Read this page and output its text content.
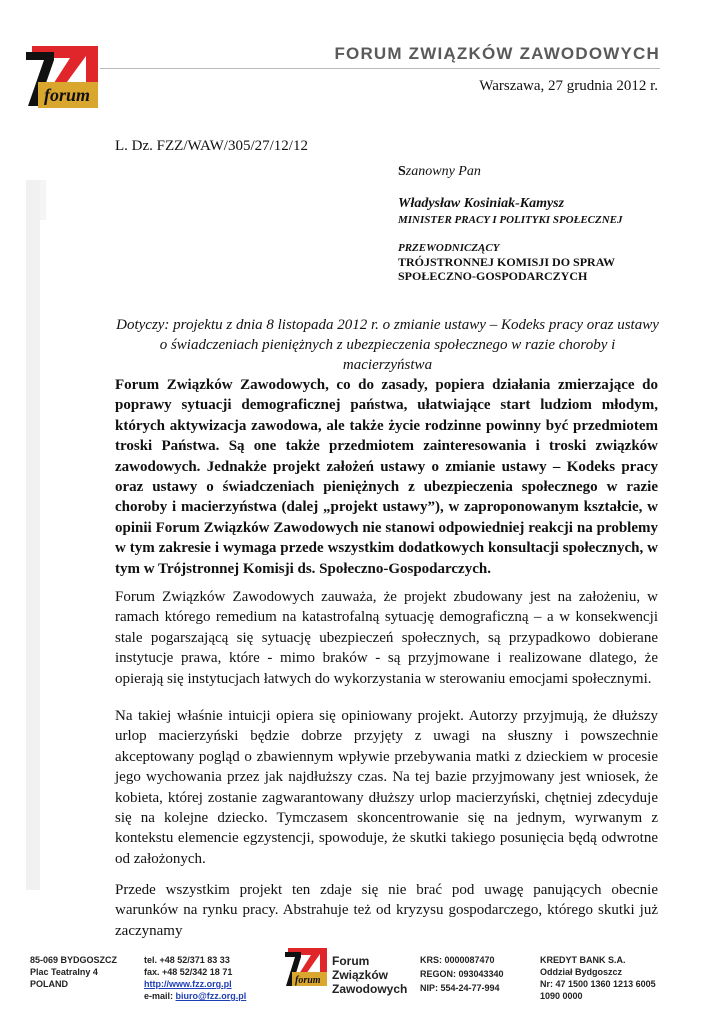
forum
FORUM ZWIĄZKÓW ZAWODOWYCH
Warszawa, 27 grudnia 2012 r.
L. Dz. FZZ/WAW/305/27/12/12
Szanowny Pan
Władysław Kosiniak-Kamysz
MINISTER PRACY I POLITYKI SPOŁECZNEJ
PRZEWODNICZĄCY
TRÓJSTRONNEJ KOMISJI DO SPRAW
SPOŁECZNO-GOSPODARCZYCH
Dotyczy: projektu z dnia 8 listopada 2012 r. o zmianie ustawy – Kodeks pracy oraz ustawy
o świadczeniach pieniężnych z ubezpieczenia społecznego w razie choroby i macierzyństwa

Forum Związków Zawodowych, co do zasady, popiera działania zmierzające do poprawy sytuacji demograficznej państwa, ułatwiające start ludziom młodym, których aktywizacja zawodowa, ale także życie rodzinne powinny być przedmiotem troski Państwa. Są one także przedmiotem zainteresowania i troski związków zawodowych. Jednakże projekt założeń ustawy o zmianie ustawy – Kodeks pracy oraz ustawy o świadczeniach pieniężnych z ubezpieczenia społecznego w razie choroby i macierzyństwa (dalej „projekt ustawy”), w zaproponowanym kształcie, w opinii Forum Związków Zawodowych nie stanowi odpowiedniej reakcji na problemy w tym zakresie i wymaga przede wszystkim dodatkowych konsultacji społecznych, w tym w Trójstronnej Komisji ds. Społeczno-Gospodarczych.

Forum Związków Zawodowych zauważa, że projekt zbudowany jest na założeniu, w ramach którego remedium na katastrofalną sytuację demograficzną – a w konsekwencji stale pogarszającą się sytuację ubezpieczeń społecznych, są przypadkowo dobierane instytucje prawa, które - mimo braków - są przyjmowane i realizowane dlatego, że opierają się instytucjach łatwych do wykorzystania w sterowaniu emocjami społecznymi.

Na takiej właśnie intuicji opiera się opiniowany projekt. Autorzy przyjmują, że dłuższy urlop macierzyński będzie dobrze przyjęty z uwagi na słuszny i powszechnie akceptowany pogląd o zbawiennym wpływie przebywania matki z dzieckiem w procesie jego wychowania przez jak najdłuższy czas. Na tej bazie przyjmowany jest wniosek, że kobieta, której zostanie zagwarantowany dłuższy urlop macierzyński, chętniej zdecyduje się na kolejne dziecko. Tymczasem skoncentrowanie się na jednym, wyrwanym z kontekstu elemencie egzystencji, spowoduje, że skutki takiego posunięcia będą odwrotne od założonych.

Przede wszystkim projekt ten zdaje się nie brać pod uwagę panujących obecnie warunków na rynku pracy. Abstrahuje też od kryzysu gospodarczego, którego skutki już zaczynamy

85-069 BYDGOSZCZ
Plac Teatralny 4
POLAND
tel. +48 52/371 83 33
fax. +48 52/342 18 71
http://www.fzz.org.pl
e-mail: biuro@fzz.org.pl
forum
Forum
Związków
Zawodowych
KRS: 0000087470
REGON: 093043340
NIP: 554-24-77-994
KREDYT BANK S.A.
Oddział Bydgoszcz
Nr: 47 1500 1360 1213 6005
1090 0000
